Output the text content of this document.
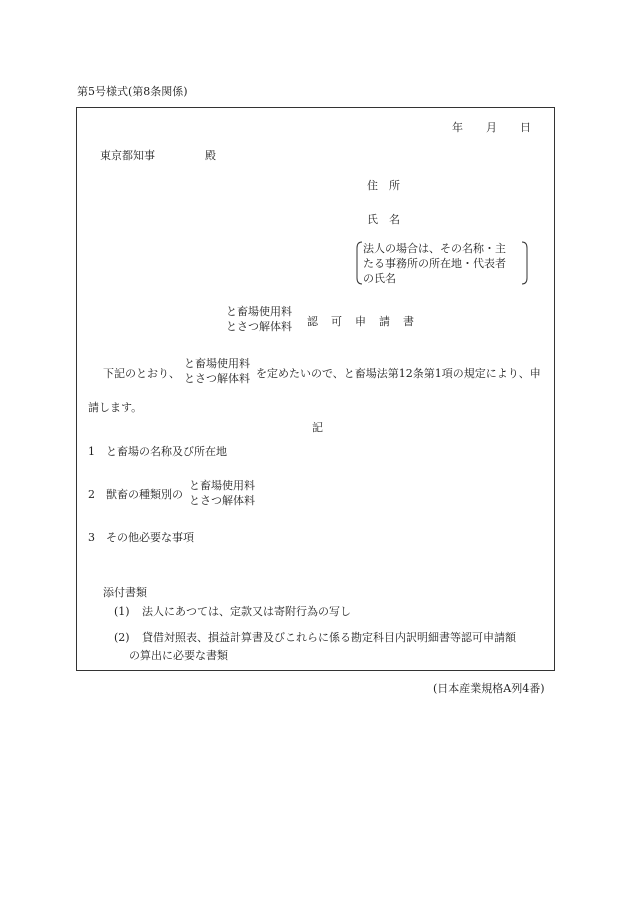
第5号様式(第8条関係)
年 月 日
東京都知事	殿
住　所
氏　名
法人の場合は、その名称・主
たる事務所の所在地・代表者
の氏名
と畜場使用料
とさつ解体料 認 可 申 請 書
下記のとおり、
と畜場使用料
とさつ解体料 を定めたいので、と畜場法第12条第1項の規定により、申
請します。
記
1 と畜場の名称及び所在地
2 獣畜の種類別の
と畜場使用料
とさつ解体料
3 その他必要な事項
添付書類
(1) 法人にあつては、定款又は寄附行為の写し
(2) 貸借対照表、損益計算書及びこれらに係る勘定科目内訳明細書等認可申請額
の算出に必要な書類
(日本産業規格A列4番)
